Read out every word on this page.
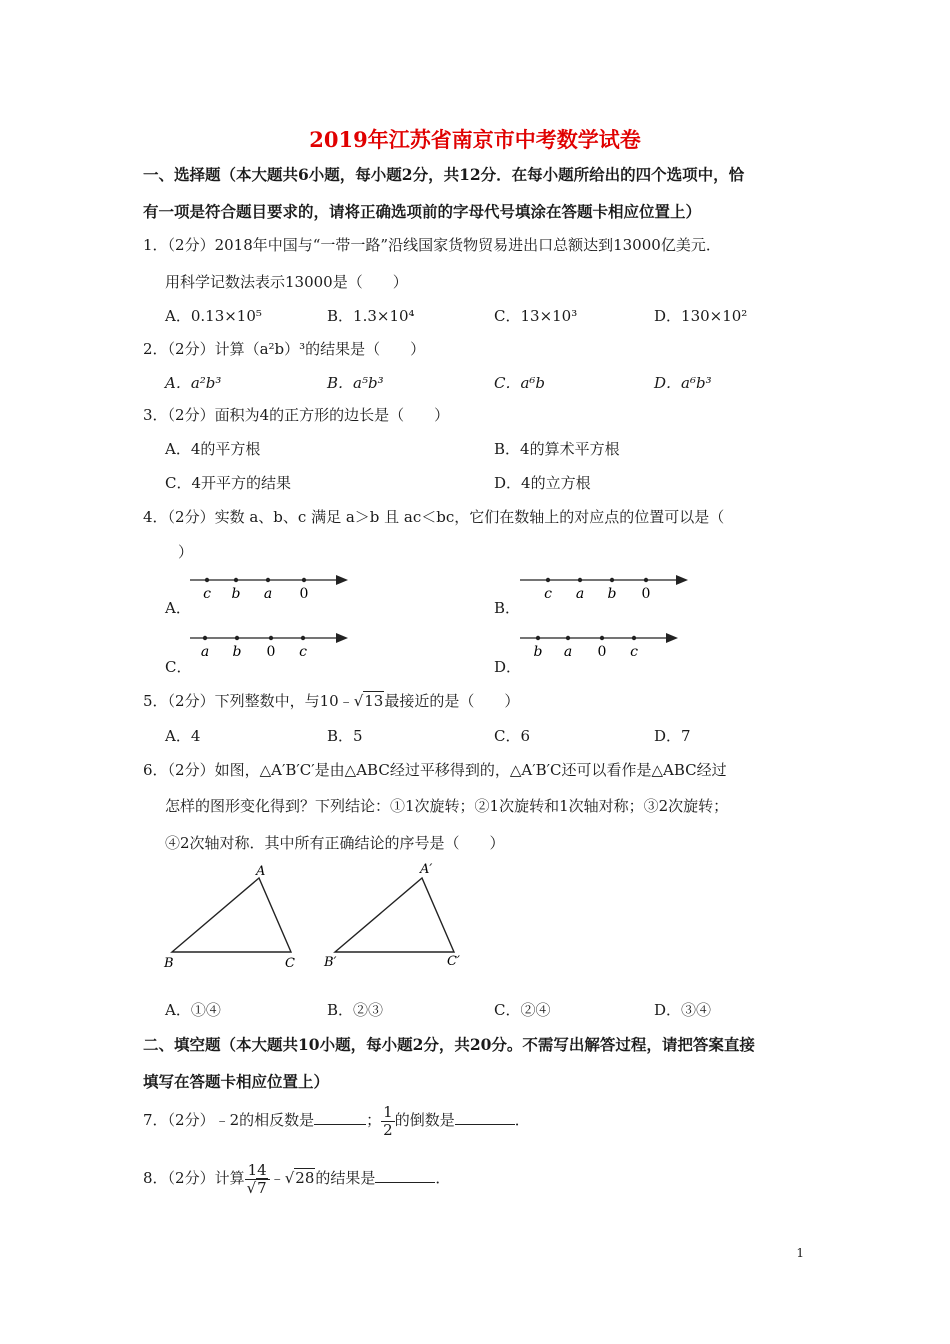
2019年江苏省南京市中考数学试卷
一、选择题（本大题共6小题，每小题2分，共12分．在每小题所给出的四个选项中，恰
有一项是符合题目要求的，请将正确选项前的字母代号填涂在答题卡相应位置上）
1．（2分）2018年中国与“一带一路”沿线国家货物贸易进出口总额达到13000亿美元．
用科学记数法表示13000是（　　）
A．0.13×10⁵	B．1.3×10⁴	C．13×10³	D．130×10²
2．（2分）计算（a²b）³的结果是（　　）
A．a²b³	B．a⁵b³	C．a⁶b	D．a⁶b³
3．（2分）面积为4的正方形的边长是（　　）
A．4的平方根	B．4的算术平方根
C．4开平方的结果	D．4的立方根
4．（2分）实数 a、b、c 满足 a＞b 且 ac＜bc，它们在数轴上的对应点的位置可以是（
）
A．
c b a 0
B．
c a b 0
C．
a b 0 c
D．
b a 0 c
5．（2分）下列整数中，与10﹣√13最接近的是（　　）
A．4	B．5	C．6	D．7
6．（2分）如图，△A′B′C′是由△ABC经过平移得到的，△A′B′C还可以看作是△ABC经过
怎样的图形变化得到？下列结论：①1次旋转；②1次旋转和1次轴对称；③2次旋转；
④2次轴对称．其中所有正确结论的序号是（　　）
A
B	C
A′
B′	C′
A．①④	B．②③	C．②④	D．③④
二、填空题（本大题共10小题，每小题2分，共20分。不需写出解答过程，请把答案直接
填写在答题卡相应位置上）
7．（2分）﹣2的相反数是	； $\frac{1}{2}$ 的倒数是	．
8．（2分）计算 $\frac{14}{√7}$ ﹣√28的结果是	．
1
